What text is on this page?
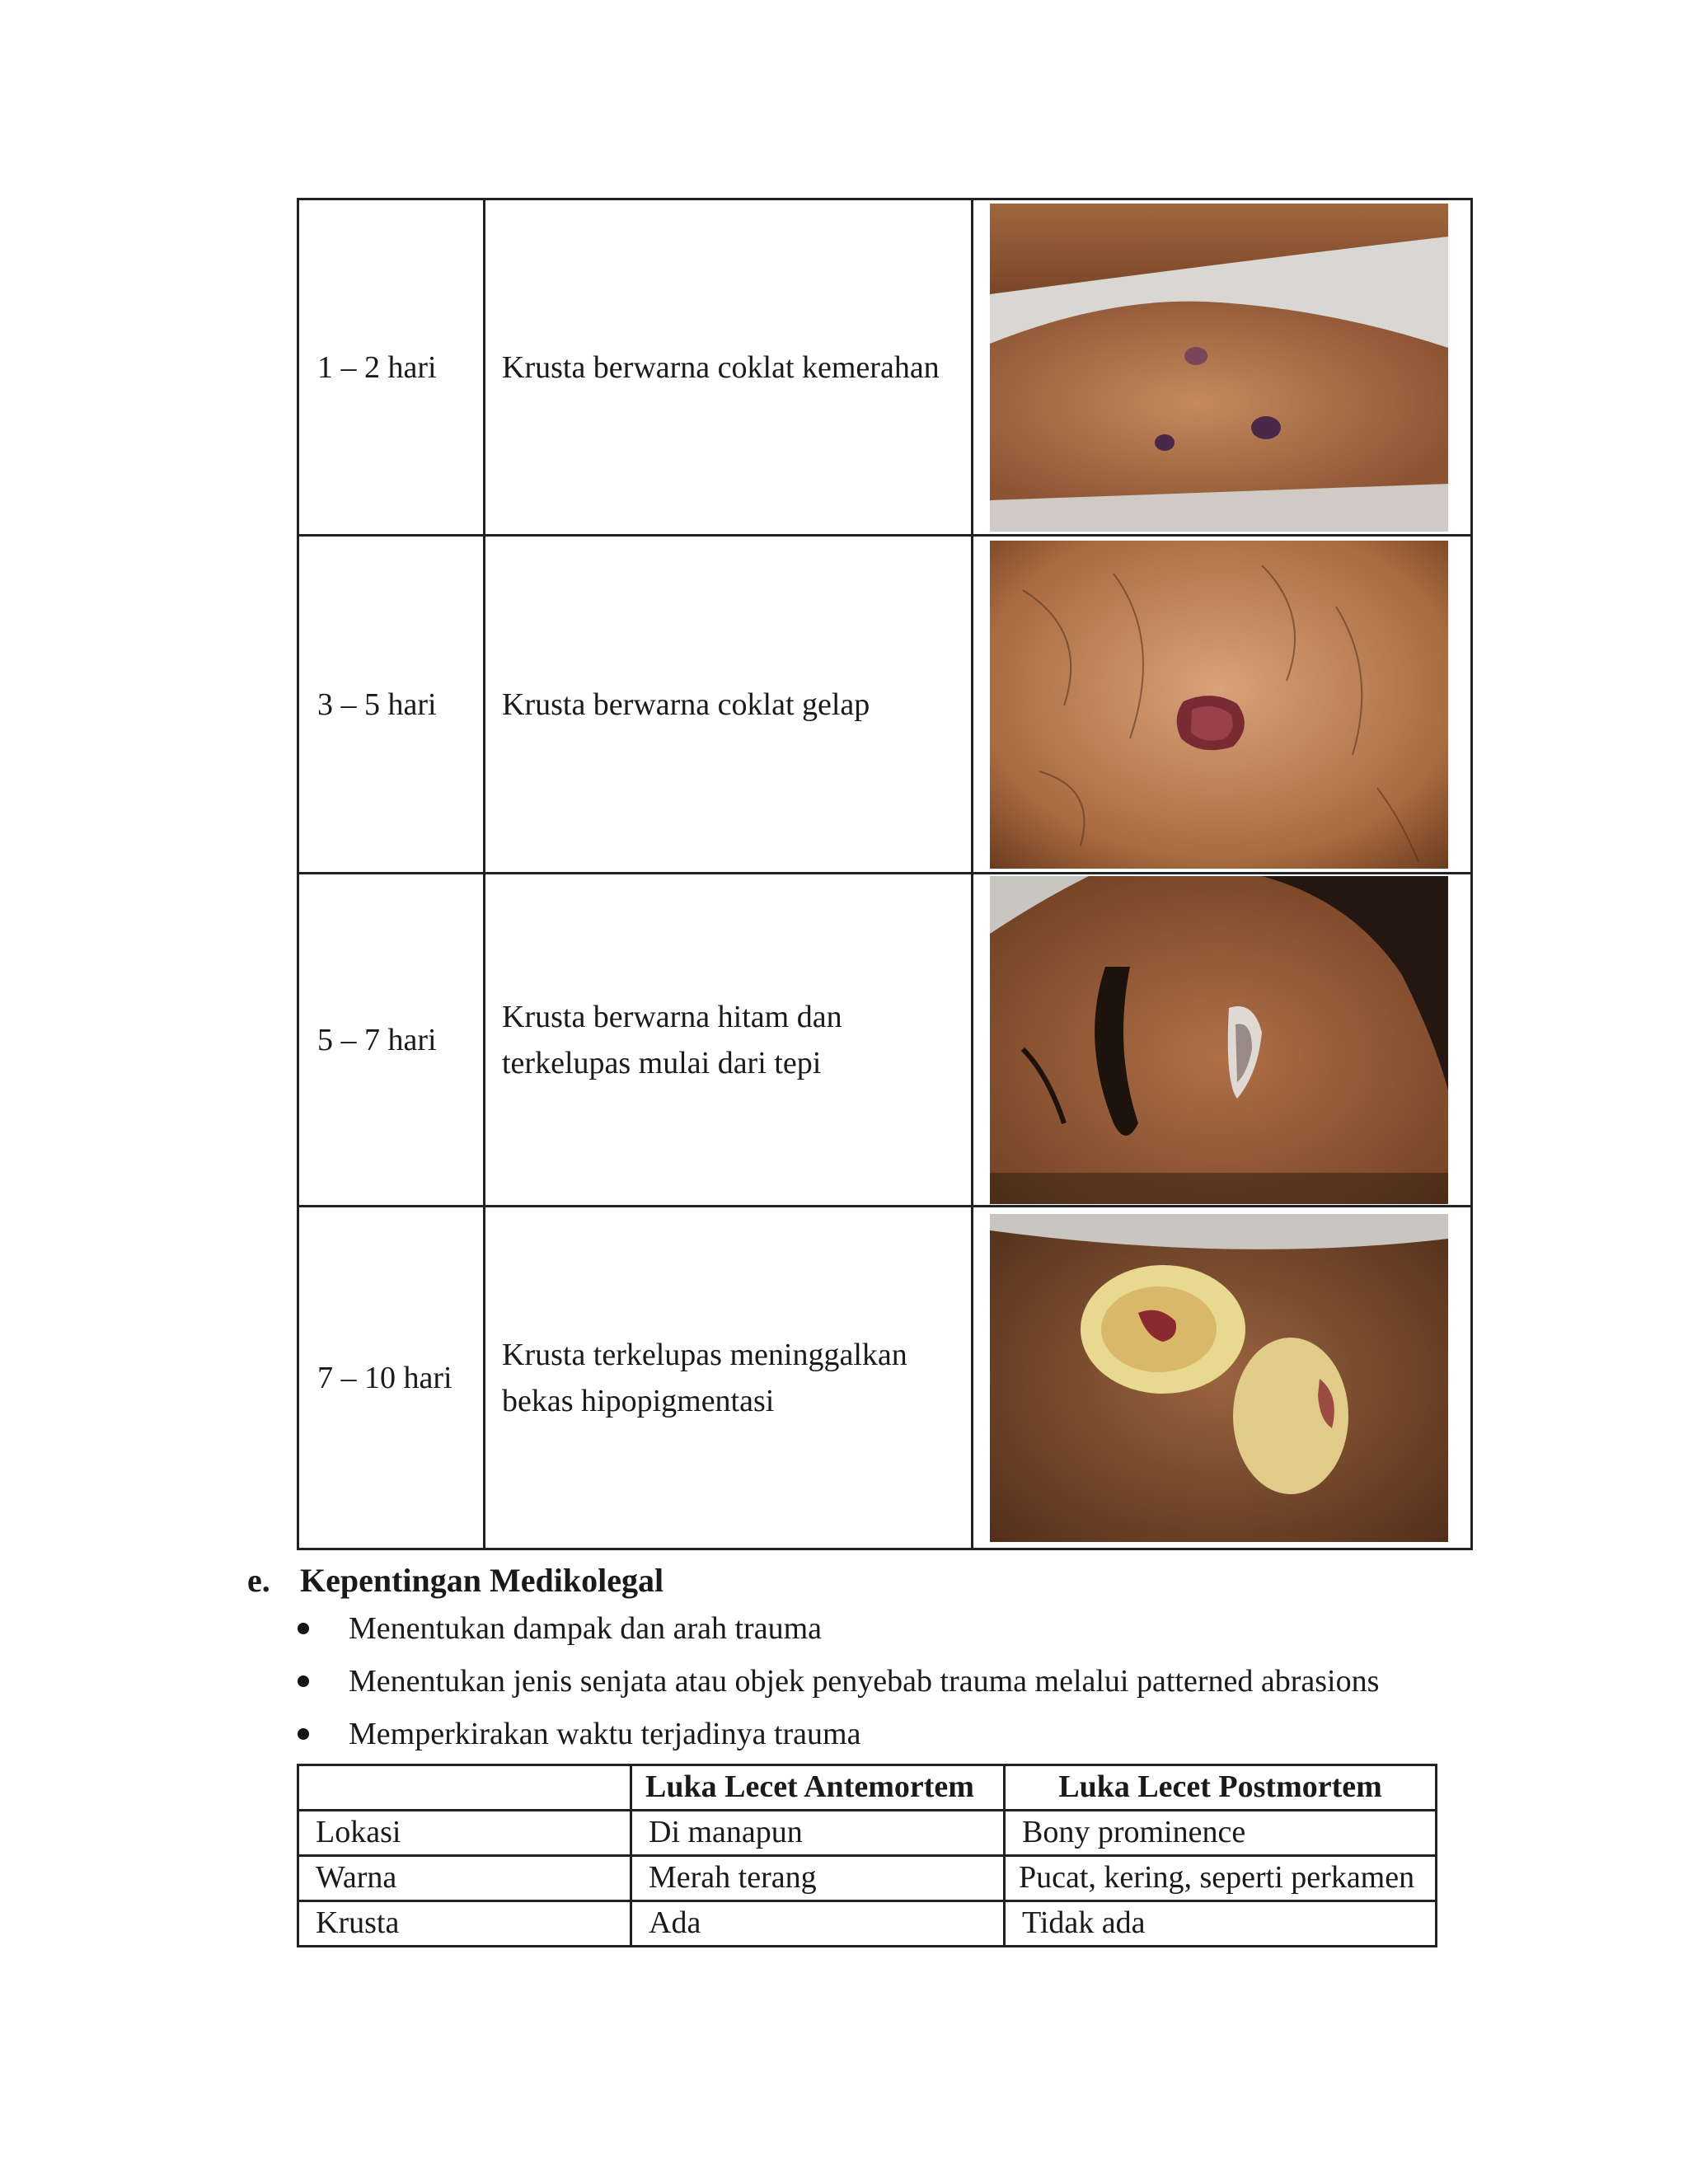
1 – 2 hari	Krusta berwarna coklat kemerahan	

3 – 5 hari	Krusta berwarna coklat gelap	

5 – 7 hari	Krusta berwarna hitam dan
terkelupas mulai dari tepi

7 – 10 hari	Krusta terkelupas meninggalkan
bekas hipopigmentasi

e. Kepentingan Medikolegal
Menentukan dampak dan arah trauma
Menentukan jenis senjata atau objek penyebab trauma melalui patterned abrasions
Memperkirakan waktu terjadinya trauma
	Luka Lecet Antemortem	Luka Lecet Postmortem
Lokasi	Di manapun	Bony prominence
Warna	Merah terang	Pucat, kering, seperti perkamen
Krusta	Ada	Tidak ada
